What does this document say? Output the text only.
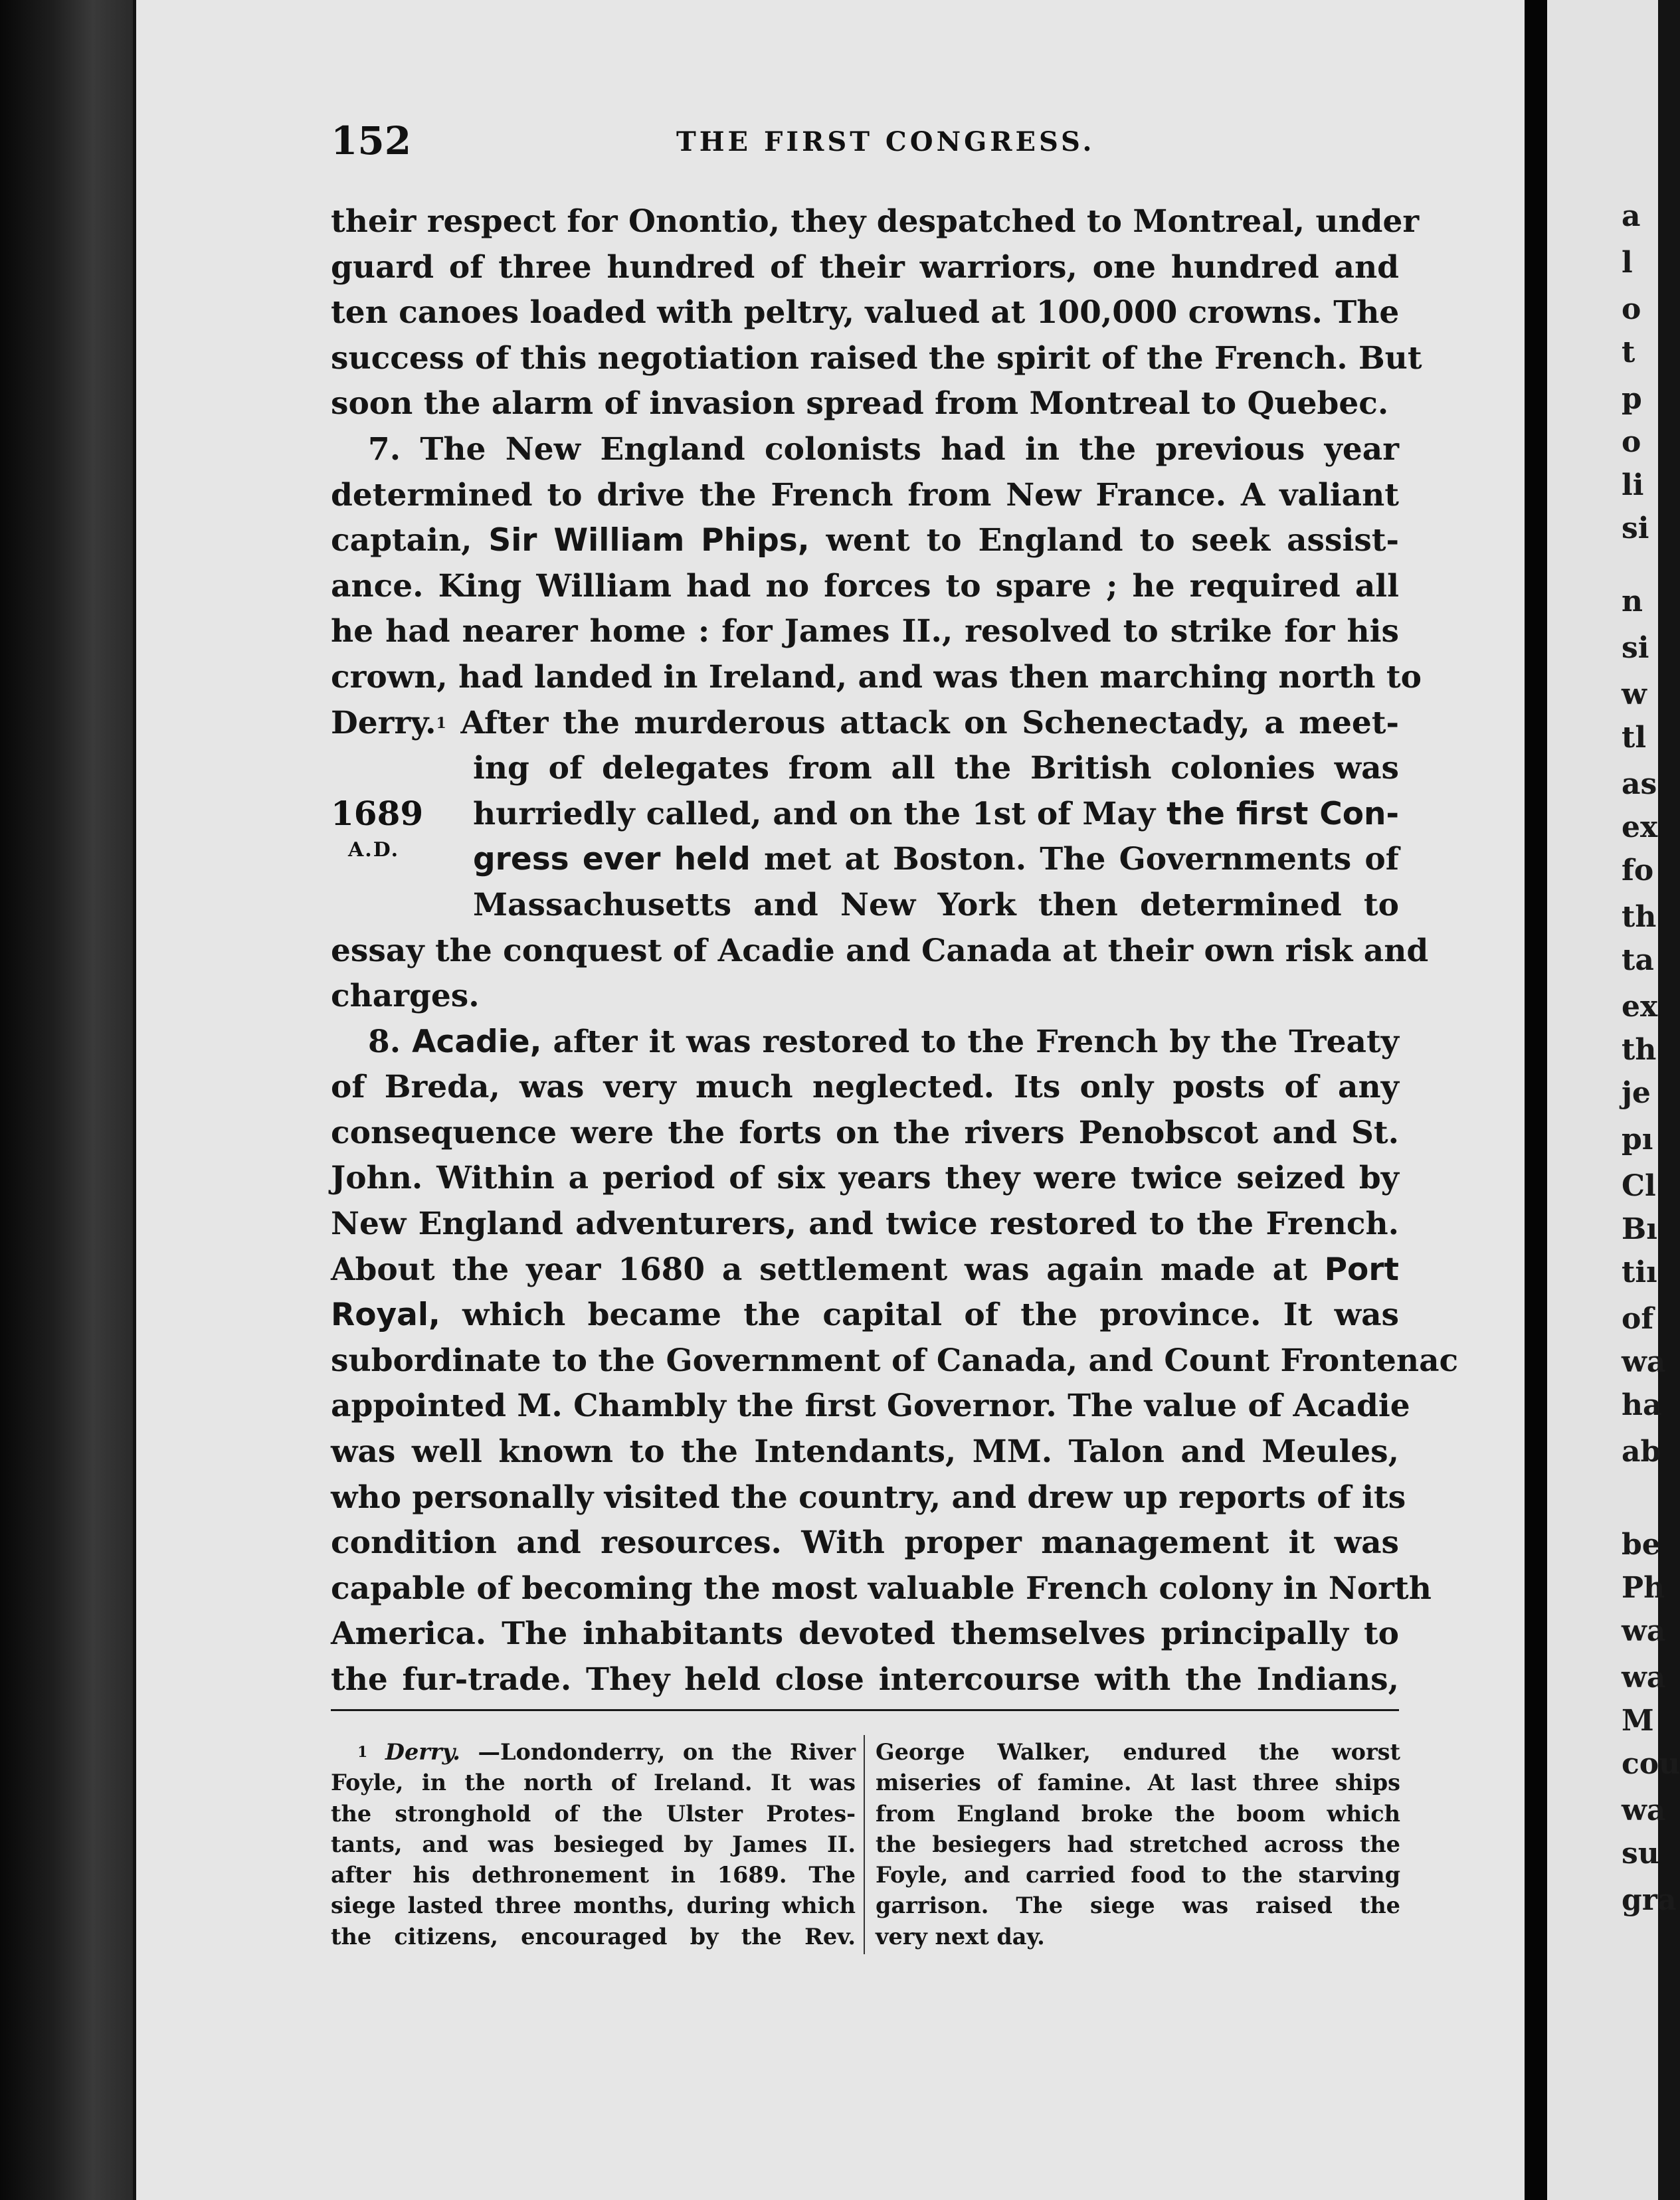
a
l
o
t
p
o
li
si
n
si
w
tl
as
ex
fo
th
ta
ex
th
je
pı
Cl
Bı
tiı
of
wa
ha
ab
be
Ph
wa
wa
M
cou
wa
su
gra
152	THE FIRST CONGRESS.
1689
A.D.
their respect for Onontio, they despatched to Montreal, under
guard of three hundred of their warriors, one hundred and
ten canoes loaded with peltry, valued at 100,000 crowns. The
success of this negotiation raised the spirit of the French. But
soon the alarm of invasion spread from Montreal to Quebec.
7. The New England colonists had in the previous year
determined to drive the French from New France. A valiant
captain, Sir William Phips, went to England to seek assist-
ance. King William had no forces to spare ; he required all
he had nearer home : for James II., resolved to strike for his
crown, had landed in Ireland, and was then marching north to
Derry.$^1$ After the murderous attack on Schenectady, a meet-
ing of delegates from all the British colonies was
hurriedly called, and on the 1st of May the first Con-
gress ever held met at Boston. The Governments of
Massachusetts and New York then determined to
essay the conquest of Acadie and Canada at their own risk and
charges.
8. Acadie, after it was restored to the French by the Treaty
of Breda, was very much neglected. Its only posts of any
consequence were the forts on the rivers Penobscot and St.
John. Within a period of six years they were twice seized by
New England adventurers, and twice restored to the French.
About the year 1680 a settlement was again made at Port
Royal, which became the capital of the province. It was
subordinate to the Government of Canada, and Count Frontenac
appointed M. Chambly the first Governor. The value of Acadie
was well known to the Intendants, MM. Talon and Meules,
who personally visited the country, and drew up reports of its
condition and resources. With proper management it was
capable of becoming the most valuable French colony in North
America. The inhabitants devoted themselves principally to
the fur-trade. They held close intercourse with the Indians,
$^1$ Derry. —Londonderry, on the River
Foyle, in the north of Ireland. It was
the stronghold of the Ulster Protes-
tants, and was besieged by James II.
after his dethronement in 1689. The
siege lasted three months, during which
the citizens, encouraged by the Rev.
George Walker, endured the worst
miseries of famine. At last three ships
from England broke the boom which
the besiegers had stretched across the
Foyle, and carried food to the starving
garrison. The siege was raised the
very next day.
